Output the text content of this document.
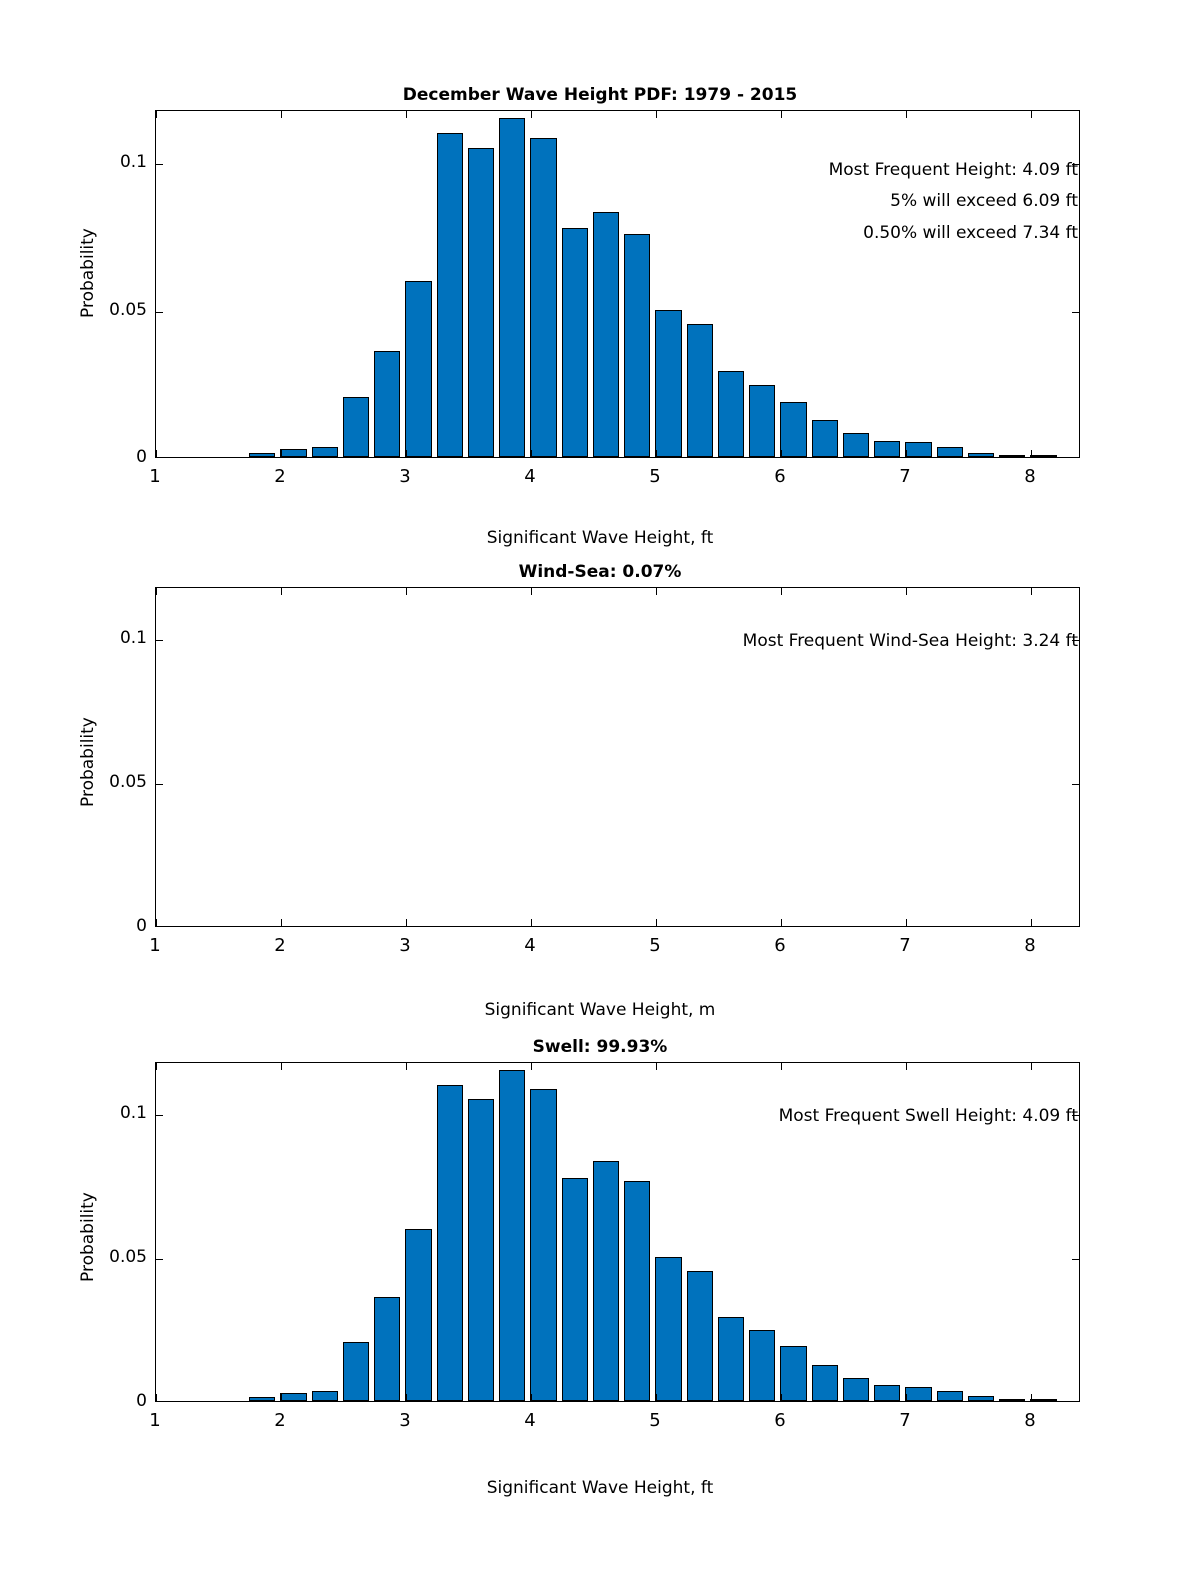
December Wave Height PDF: 1979 - 2015
Probability
Significant Wave Height, ft
Most Frequent Height: 4.09 ft
5% will exceed 6.09 ft
0.50% will exceed 7.34 ft
1	2	3	4	5	6	7	8
0
0.05
0.1
Wind-Sea: 0.07%
Probability
Significant Wave Height, m
Most Frequent Wind-Sea Height: 3.24 ft
1	2	3	4	5	6	7	8
0
0.05
0.1
Swell: 99.93%
Probability
Significant Wave Height, ft
Most Frequent Swell Height: 4.09 ft
1	2	3	4	5	6	7	8
0
0.05
0.1
